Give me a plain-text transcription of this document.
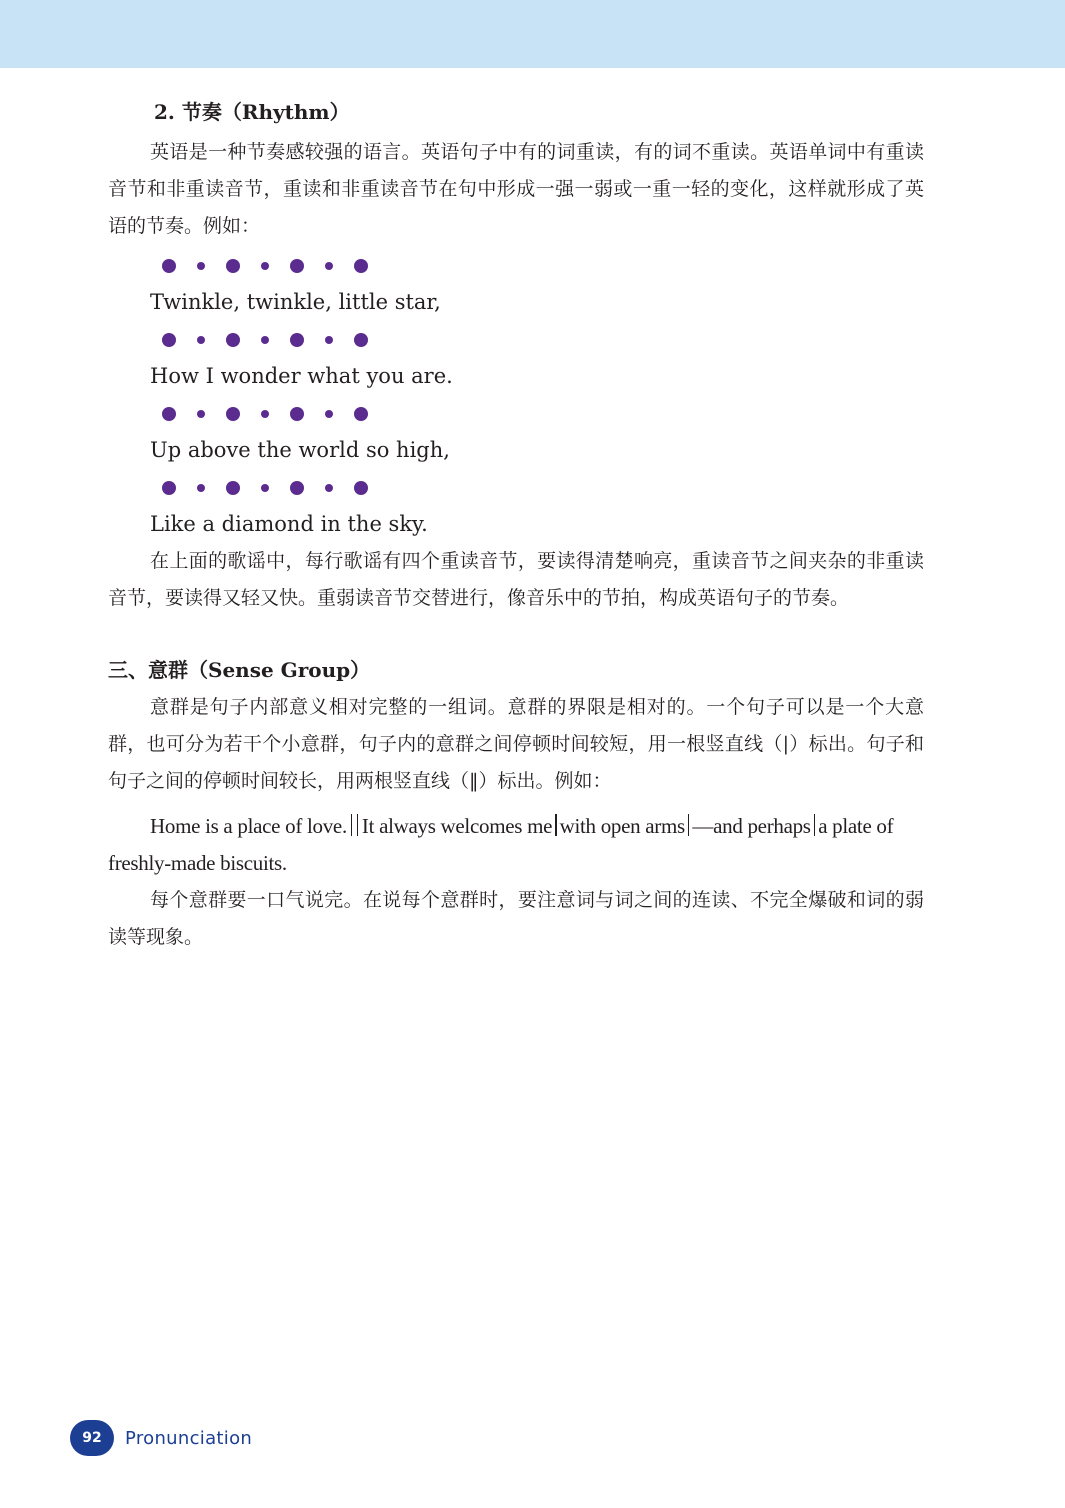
2. 节奏（Rhythm）

英语是一种节奏感较强的语言。英语句子中有的词重读，有的词不重读。英语单词中有重读音节和非重读音节，重读和非重读音节在句中形成一强一弱或一重一轻的变化，这样就形成了英语的节奏。例如：

Twinkle, twinkle, little star,
How I wonder what you are.
Up above the world so high,
Like a diamond in the sky.

在上面的歌谣中，每行歌谣有四个重读音节，要读得清楚响亮，重读音节之间夹杂的非重读音节，要读得又轻又快。重弱读音节交替进行，像音乐中的节拍，构成英语句子的节奏。

三、意群（Sense Group）

意群是句子内部意义相对完整的一组词。意群的界限是相对的。一个句子可以是一个大意群，也可分为若干个小意群，句子内的意群之间停顿时间较短，用一根竖直线（|）标出。句子和句子之间的停顿时间较长，用两根竖直线（‖）标出。例如：

Home is a place of love. It always welcomes me with open arms —and perhaps a plate of freshly-made biscuits.

每个意群要一口气说完。在说每个意群时，要注意词与词之间的连读、不完全爆破和词的弱读等现象。

92	Pronunciation
